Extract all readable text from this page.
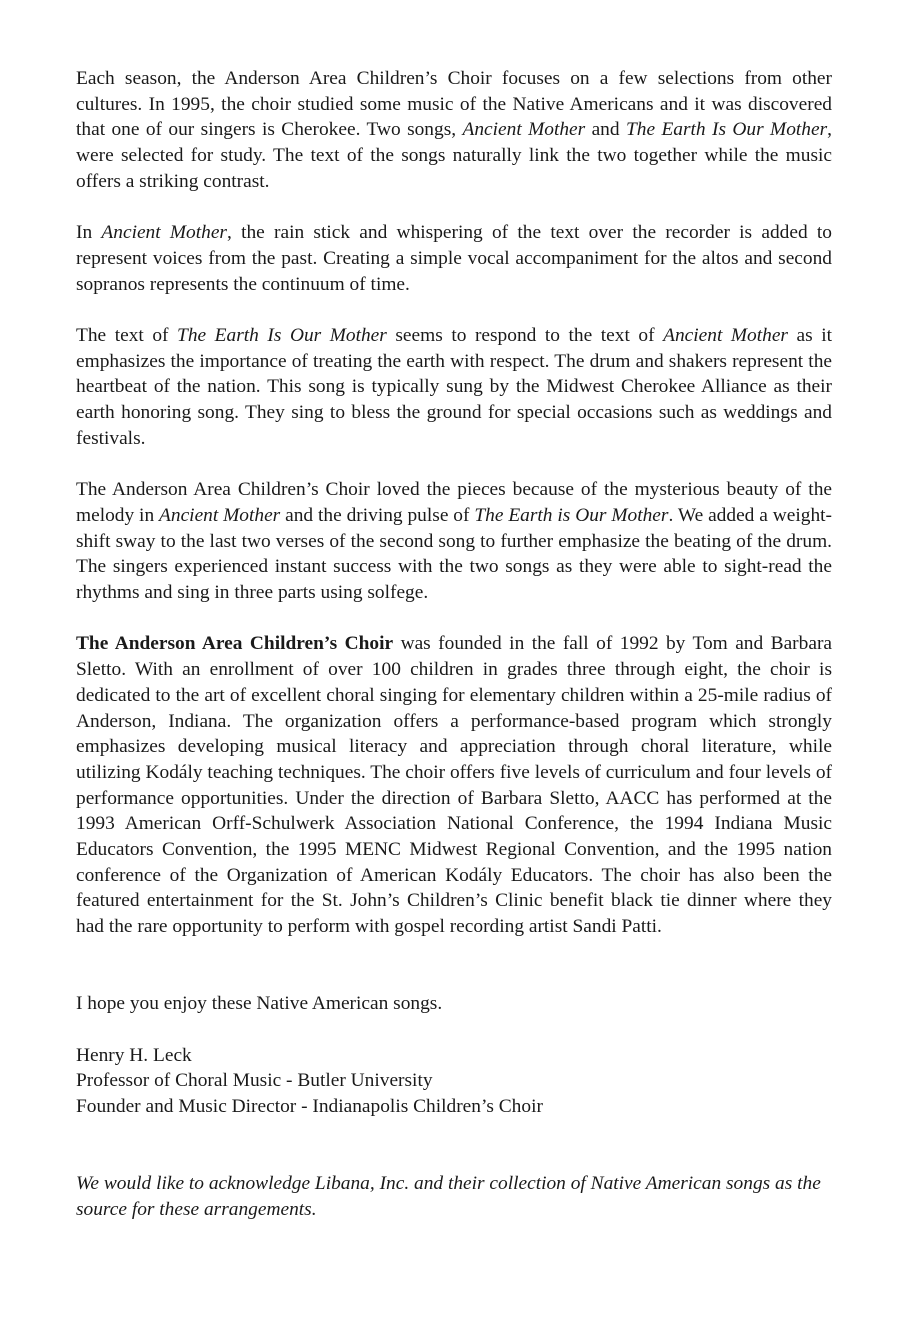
Each season, the Anderson Area Children’s Choir focuses on a few selections from other cultures. In 1995, the choir studied some music of the Native Americans and it was discovered that one of our singers is Cherokee. Two songs, Ancient Mother and The Earth Is Our Mother, were selected for study. The text of the songs naturally link the two together while the music offers a striking contrast.

In Ancient Mother, the rain stick and whispering of the text over the recorder is added to represent voices from the past. Creating a simple vocal accompaniment for the altos and second sopranos represents the continuum of time.

The text of The Earth Is Our Mother seems to respond to the text of Ancient Mother as it emphasizes the importance of treating the earth with respect. The drum and shakers represent the heartbeat of the nation. This song is typically sung by the Midwest Cherokee Alliance as their earth honoring song. They sing to bless the ground for special occasions such as weddings and festivals.

The Anderson Area Children’s Choir loved the pieces because of the mysterious beauty of the melody in Ancient Mother and the driving pulse of The Earth is Our Mother. We added a weight-shift sway to the last two verses of the second song to further emphasize the beating of the drum. The singers experienced instant success with the two songs as they were able to sight-read the rhythms and sing in three parts using solfege.

The Anderson Area Children’s Choir was founded in the fall of 1992 by Tom and Barbara Sletto. With an enrollment of over 100 children in grades three through eight, the choir is dedicated to the art of excellent choral singing for elementary children within a 25-mile radius of Anderson, Indiana. The organization offers a performance-based program which strongly emphasizes developing musical literacy and appreciation through choral literature, while utilizing Kodály teaching techniques. The choir offers five levels of curriculum and four levels of performance opportunities. Under the direction of Barbara Sletto, AACC has performed at the 1993 American Orff-Schulwerk Association National Conference, the 1994 Indiana Music Educators Convention, the 1995 MENC Midwest Regional Convention, and the 1995 nation conference of the Organization of American Kodály Educators. The choir has also been the featured entertainment for the St. John’s Children’s Clinic benefit black tie dinner where they had the rare opportunity to perform with gospel recording artist Sandi Patti.

I hope you enjoy these Native American songs.

Henry H. Leck
Professor of Choral Music - Butler University
Founder and Music Director - Indianapolis Children’s Choir

We would like to acknowledge Libana, Inc. and their collection of Native American songs as the source for these arrangements.
